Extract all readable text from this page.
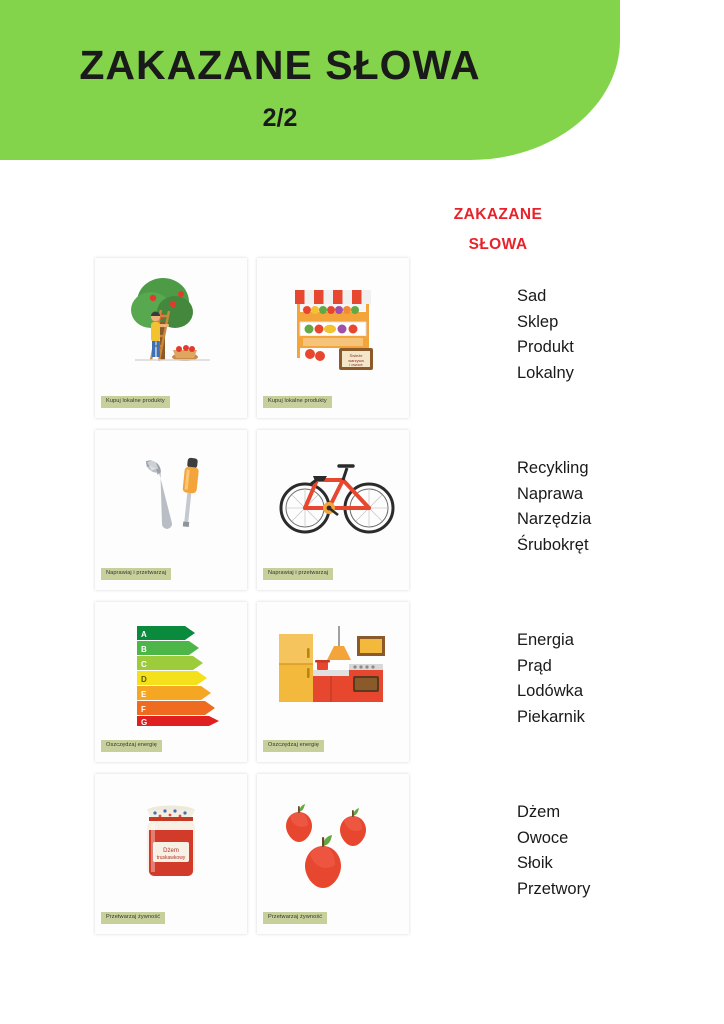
ZAKAZANE SŁOWA
2/2
ZAKAZANE
SŁOWA
Kupuj lokalne produkty
Świeże
warzywa
i owoce
Kupuj lokalne produkty
Sad
Sklep
Produkt
Lokalny
Naprawiaj i przetwarzaj	Naprawiaj i przetwarzaj
Recykling
Naprawa
Narzędzia
Śrubokręt
A
B
C
D
E
F
G
Oszczędzaj energię	Oszczędzaj energię
Energia
Prąd
Lodówka
Piekarnik
Dżem
truskawkowy
Przetwarzaj żywność	Przetwarzaj żywność
Dżem
Owoce
Słoik
Przetwory
